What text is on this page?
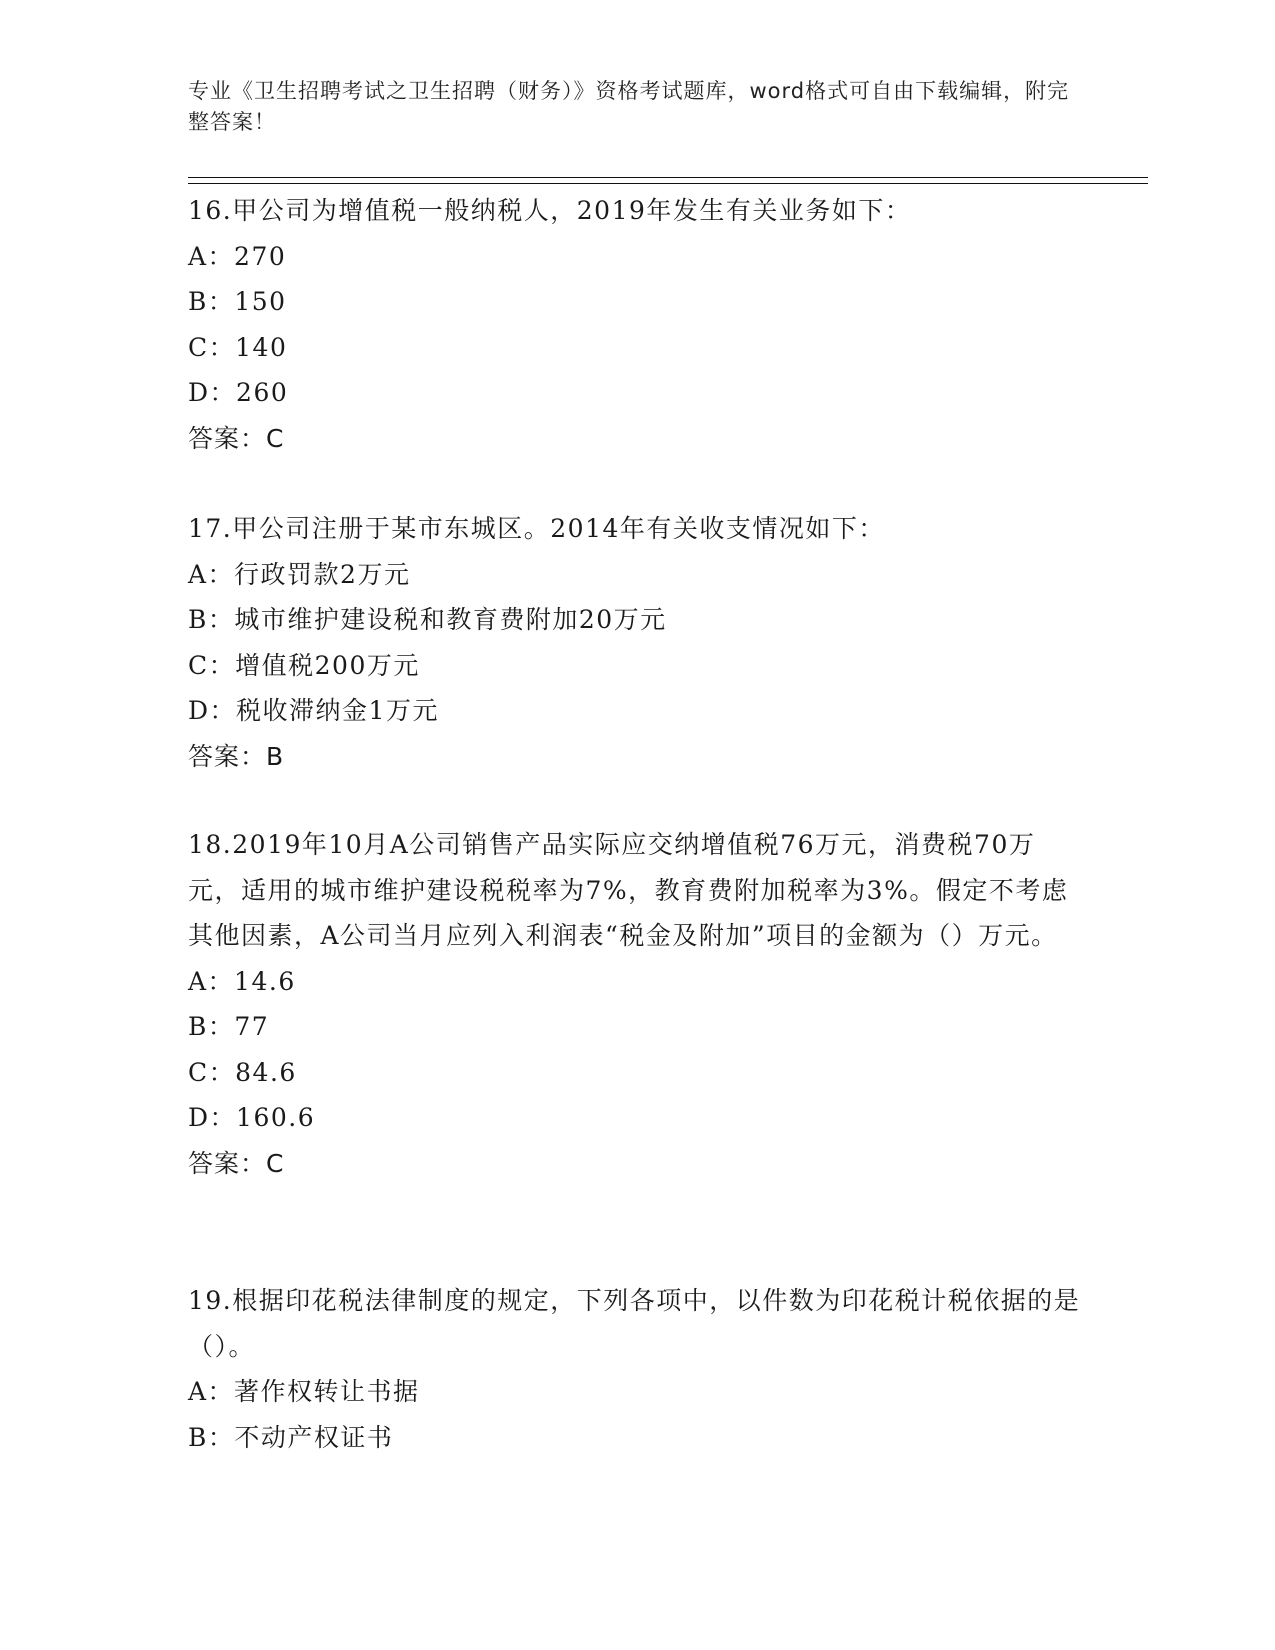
专业《卫生招聘考试之卫生招聘（财务）》资格考试题库，word格式可自由下载编辑，附完整答案！

16.甲公司为增值税一般纳税人，2019年发生有关业务如下：

A：270

B：150

C：140

D：260

答案：C

17.甲公司注册于某市东城区。2014年有关收支情况如下：

A：行政罚款2万元

B：城市维护建设税和教育费附加20万元

C：增值税200万元

D：税收滞纳金1万元

答案：B

18.2019年10月A公司销售产品实际应交纳增值税76万元，消费税70万元，适用的城市维护建设税税率为7%，教育费附加税率为3%。假定不考虑其他因素，A公司当月应列入利润表“税金及附加”项目的金额为（）万元。

A：14.6

B：77

C：84.6

D：160.6

答案：C

19.根据印花税法律制度的规定，下列各项中，以件数为印花税计税依据的是（）。

A：著作权转让书据

B：不动产权证书
